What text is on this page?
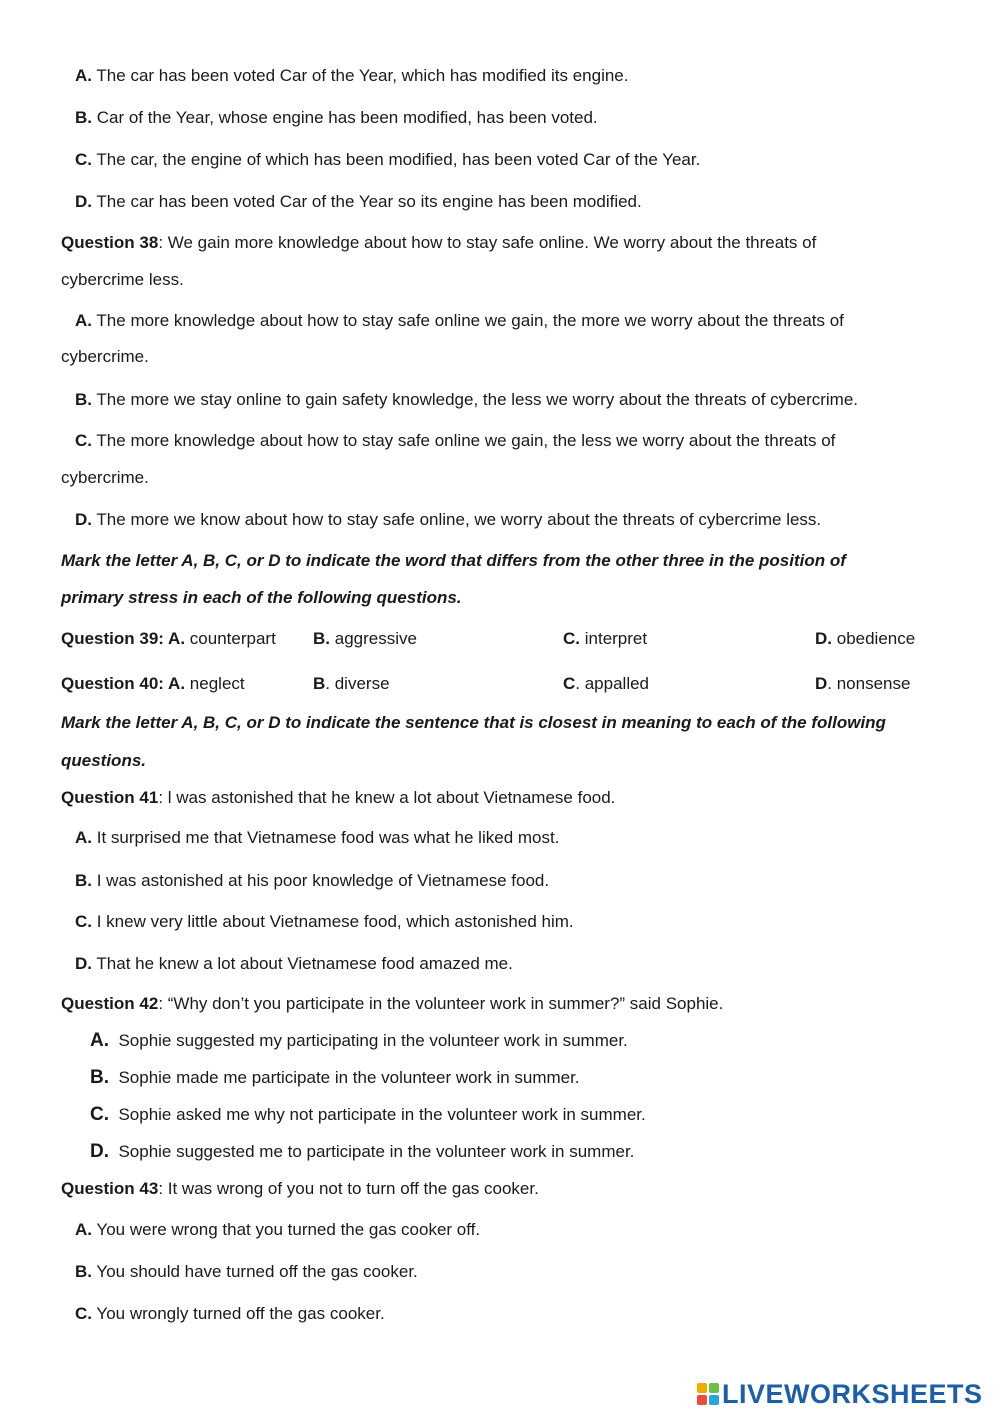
A. The car has been voted Car of the Year, which has modified its engine.
B. Car of the Year, whose engine has been modified, has been voted.
C. The car, the engine of which has been modified, has been voted Car of the Year.
D. The car has been voted Car of the Year so its engine has been modified.
Question 38: We gain more knowledge about how to stay safe online. We worry about the threats of
cybercrime less.
A. The more knowledge about how to stay safe online we gain, the more we worry about the threats of
cybercrime.
B. The more we stay online to gain safety knowledge, the less we worry about the threats of cybercrime.
C. The more knowledge about how to stay safe online we gain, the less we worry about the threats of
cybercrime.
D. The more we know about how to stay safe online, we worry about the threats of cybercrime less.
Mark the letter A, B, C, or D to indicate the word that differs from the other three in the position of
primary stress in each of the following questions.
Question 39: A. counterpart B. aggressive	C. interpret	D. obedience
Question 40: A. neglect	B. diverse	C. appalled	D. nonsense
Mark the letter A, B, C, or D to indicate the sentence that is closest in meaning to each of the following
questions.
Question 41: l was astonished that he knew a lot about Vietnamese food.
A. It surprised me that Vietnamese food was what he liked most.
B. I was astonished at his poor knowledge of Vietnamese food.
C. I knew very little about Vietnamese food, which astonished him.
D. That he knew a lot about Vietnamese food amazed me.
Question 42: “Why don’t you participate in the volunteer work in summer?” said Sophie.
A. Sophie suggested my participating in the volunteer work in summer.
B. Sophie made me participate in the volunteer work in summer.
C. Sophie asked me why not participate in the volunteer work in summer.
D. Sophie suggested me to participate in the volunteer work in summer.
Question 43: It was wrong of you not to turn off the gas cooker.
A. You were wrong that you turned the gas cooker off.
B. You should have turned off the gas cooker.
C. You wrongly turned off the gas cooker.
LIVEWORKSHEETS
